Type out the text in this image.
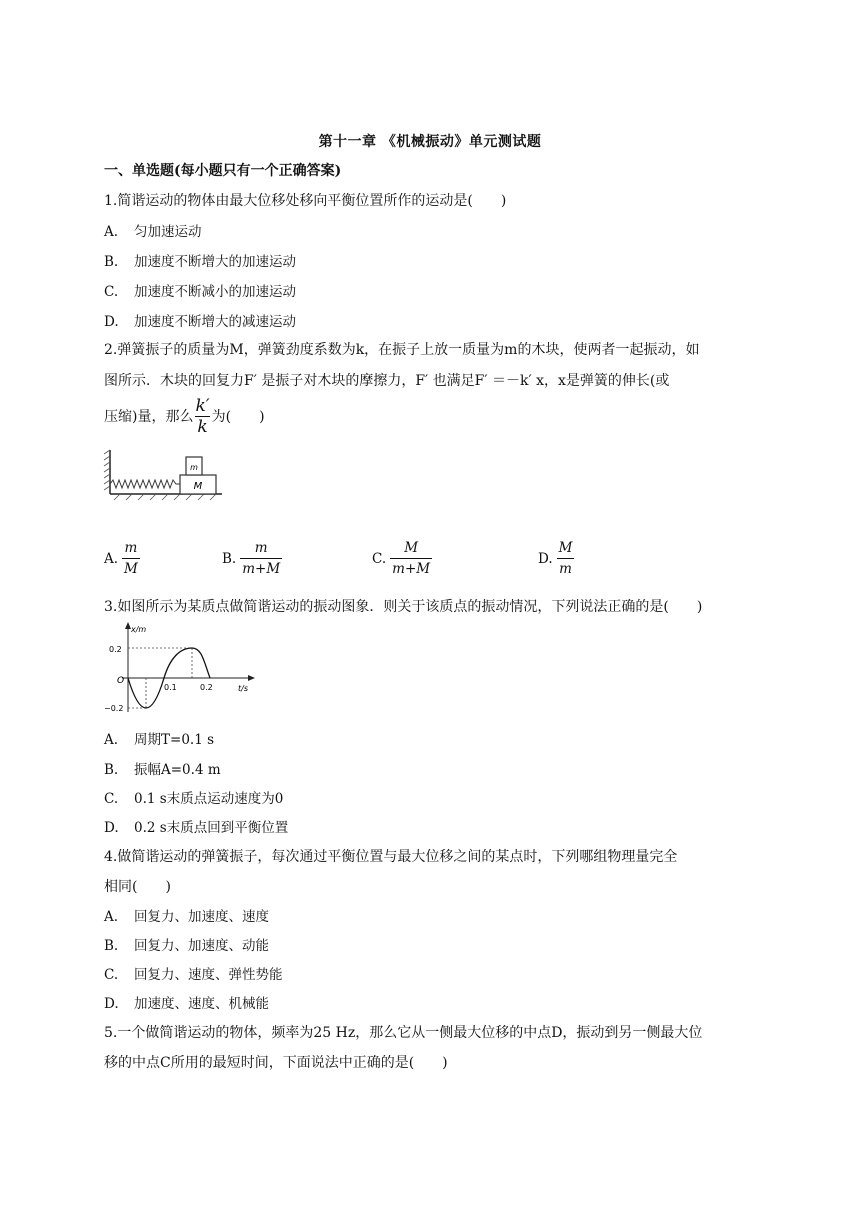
第十一章 《机械振动》单元测试题
一、单选题(每小题只有一个正确答案)
1.简谐运动的物体由最大位移处移向平衡位置所作的运动是(　　)
A. 匀加速运动
B. 加速度不断增大的加速运动
C. 加速度不断减小的加速运动
D. 加速度不断增大的减速运动
2.弹簧振子的质量为M，弹簧劲度系数为k，在振子上放一质量为m的木块，使两者一起振动，如
图所示．木块的回复力F′ 是振子对木块的摩擦力，F′ 也满足F′ ＝－k′ x，x是弹簧的伸长(或
压缩)量，那么 $\frac{k'}{k}$ 为(　　)
M
m
A. $\frac{m}{M}$	B. $\frac{m}{m+M}$	C. $\frac{M}{m+M}$	D. $\frac{M}{m}$
3.如图所示为某质点做简谐运动的振动图象．则关于该质点的振动情况，下列说法正确的是(　　)
x/m
t/s
O
0.2
−0.2
0.1	0.2
A. 周期T=0.1 s
B. 振幅A=0.4 m
C. 0.1 s末质点运动速度为0
D. 0.2 s末质点回到平衡位置
4.做简谐运动的弹簧振子，每次通过平衡位置与最大位移之间的某点时，下列哪组物理量完全
相同(　　)
A. 回复力、加速度、速度
B. 回复力、加速度、动能
C. 回复力、速度、弹性势能
D. 加速度、速度、机械能
5.一个做简谐运动的物体，频率为25 Hz，那么它从一侧最大位移的中点D，振动到另一侧最大位
移的中点C所用的最短时间，下面说法中正确的是(　　)
